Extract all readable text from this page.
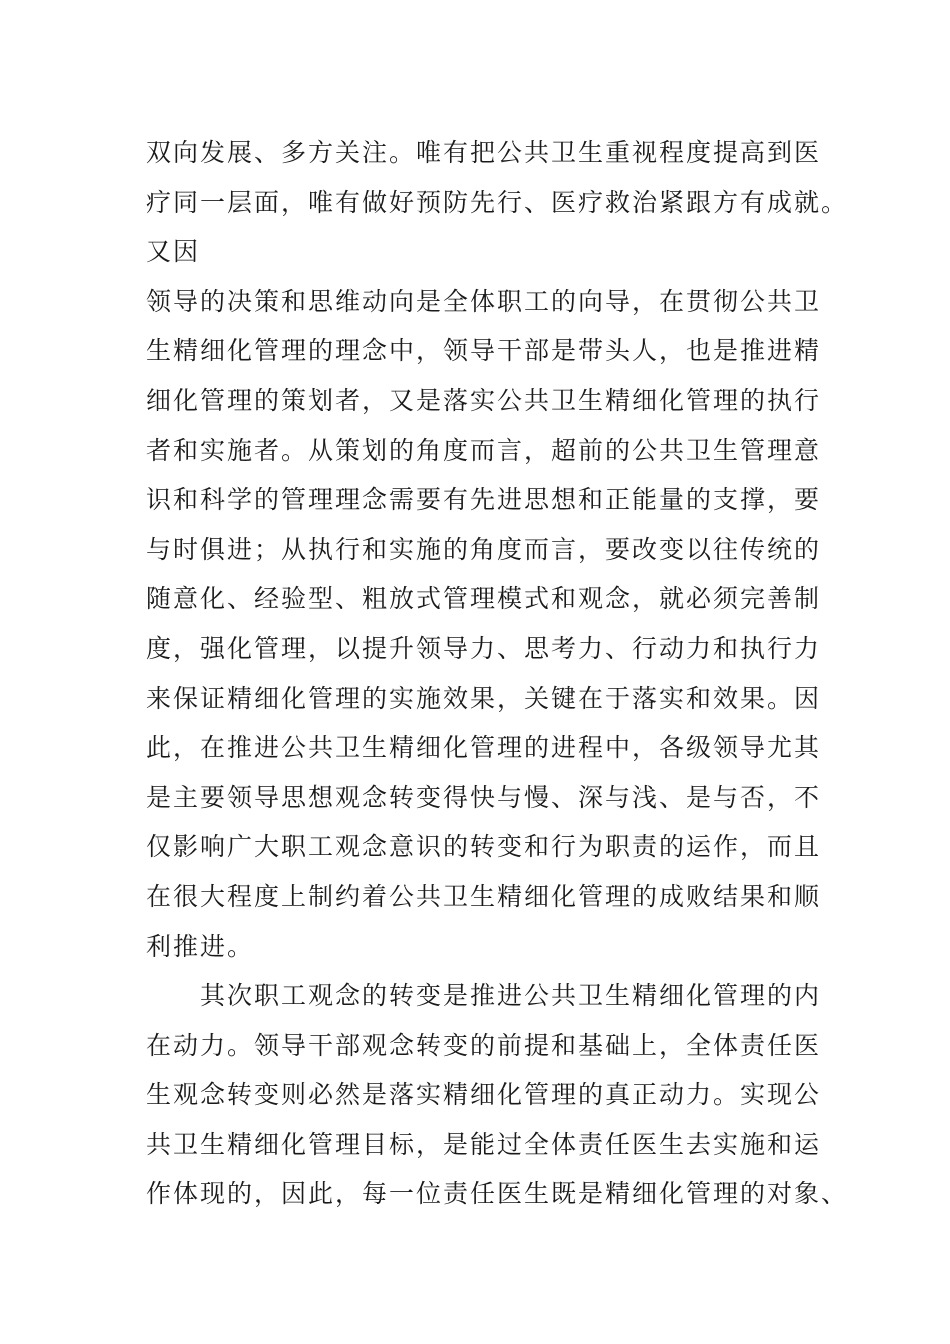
双向发展、多方关注。唯有把公共卫生重视程度提高到医
疗同一层面，唯有做好预防先行、医疗救治紧跟方有成就。
又因
领导的决策和思维动向是全体职工的向导，在贯彻公共卫
生精细化管理的理念中，领导干部是带头人，也是推进精
细化管理的策划者，又是落实公共卫生精细化管理的执行
者和实施者。从策划的角度而言，超前的公共卫生管理意
识和科学的管理理念需要有先进思想和正能量的支撑，要
与时俱进；从执行和实施的角度而言，要改变以往传统的
随意化、经验型、粗放式管理模式和观念，就必须完善制
度，强化管理，以提升领导力、思考力、行动力和执行力
来保证精细化管理的实施效果，关键在于落实和效果。因
此，在推进公共卫生精细化管理的进程中，各级领导尤其
是主要领导思想观念转变得快与慢、深与浅、是与否，不
仅影响广大职工观念意识的转变和行为职责的运作，而且
在很大程度上制约着公共卫生精细化管理的成败结果和顺
利推进。
其次职工观念的转变是推进公共卫生精细化管理的内
在动力。领导干部观念转变的前提和基础上，全体责任医
生观念转变则必然是落实精细化管理的真正动力。实现公
共卫生精细化管理目标，是能过全体责任医生去实施和运
作体现的，因此，每一位责任医生既是精细化管理的对象、
